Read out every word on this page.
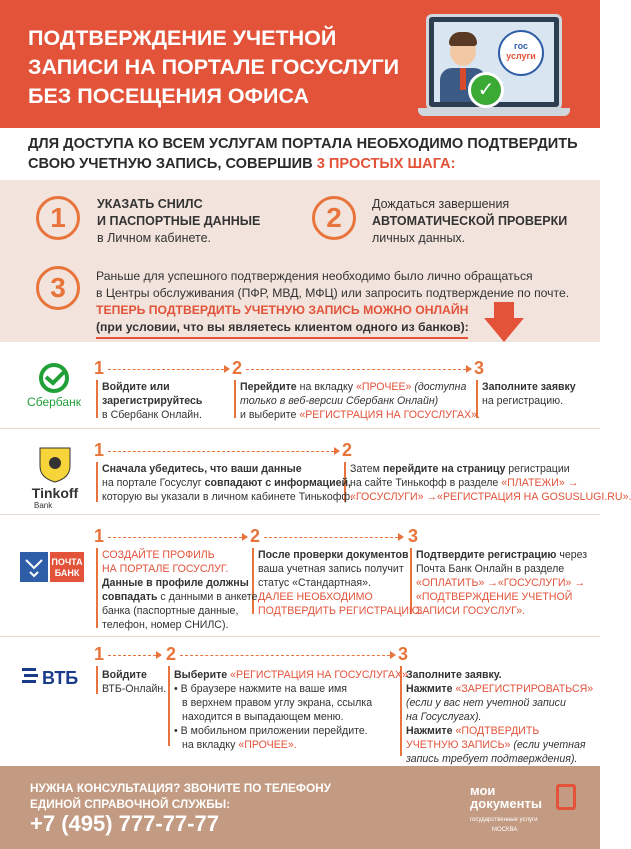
ПОДТВЕРЖДЕНИЕ УЧЕТНОЙ
ЗАПИСИ НА ПОРТАЛЕ ГОСУСЛУГИ
БЕЗ ПОСЕЩЕНИЯ ОФИСА
гос
услуги
✓
ДЛЯ ДОСТУПА КО ВСЕМ УСЛУГАМ ПОРТАЛА НЕОБХОДИМО ПОДТВЕРДИТЬ
СВОЮ УЧЕТНУЮ ЗАПИСЬ, СОВЕРШИВ 3 ПРОСТЫХ ШАГА:
1	УКАЗАТЬ СНИЛС
И ПАСПОРТНЫЕ ДАННЫЕ
в Личном кабинете.
2	Дождаться завершения
АВТОМАТИЧЕСКОЙ ПРОВЕРКИ
личных данных.
3	Раньше для успешного подтверждения необходимо было лично обращаться
в Центры обслуживания (ПФР, МВД, МФЦ) или запросить подтверждение по почте.
ТЕПЕРЬ ПОДТВЕРДИТЬ УЧЕТНУЮ ЗАПИСЬ МОЖНО ОНЛАЙН
(при условии, что вы являетесь клиентом одного из банков):
Сбербанк
1	2	3
Войдите или
зарегистрируйтесь
в Сбербанк Онлайн.
Перейдите на вкладку «ПРОЧЕЕ» (доступна
только в веб-версии Сбербанк Онлайн)
и выберите «РЕГИСТРАЦИЯ НА ГОСУСЛУГАХ».
Заполните заявку
на регистрацию.
Tinkoff
Bank
1	2
Сначала убедитесь, что ваши данные
на портале Госуслуг совпадают с информацией,
которую вы указали в личном кабинете Тинькофф.
Затем перейдите на страницу регистрации
на сайте Тинькофф в разделе «ПЛАТЕЖИ» →
«ГОСУСЛУГИ» →«РЕГИСТРАЦИЯ НА GOSUSLUGI.RU».
ПОЧТА
БАНК
1	2	3
СОЗДАЙТЕ ПРОФИЛЬ
НА ПОРТАЛЕ ГОСУСЛУГ.
Данные в профиле должны
совпадать с данными в анкете
банка (паспортные данные,
телефон, номер СНИЛС).
После проверки документов
ваша учетная запись получит
статус «Стандартная».
ДАЛЕЕ НЕОБХОДИМО
ПОДТВЕРДИТЬ РЕГИСТРАЦИЮ.
Подтвердите регистрацию через
Почта Банк Онлайн в разделе
«ОПЛАТИТЬ» →«ГОСУСЛУГИ» →
«ПОДТВЕРЖДЕНИЕ УЧЕТНОЙ
ЗАПИСИ ГОСУСЛУГ».
ВТБ
1	2	3
Войдите
ВТБ-Онлайн.
Выберите «РЕГИСТРАЦИЯ НА ГОСУСЛУГАХ».
• В браузере нажмите на ваше имя
в верхнем правом углу экрана, ссылка
находится в выпадающем меню.
• В мобильном приложении перейдите.
на вкладку «ПРОЧЕЕ».
Заполните заявку.
Нажмите «ЗАРЕГИСТРИРОВАТЬСЯ»
(если у вас нет учетной записи
на Госуслугах).
Нажмите «ПОДТВЕРДИТЬ
УЧЕТНУЮ ЗАПИСЬ» (если учетная
запись требует подтверждения).
НУЖНА КОНСУЛЬТАЦИЯ? ЗВОНИТЕ ПО ТЕЛЕФОНУ
ЕДИНОЙ СПРАВОЧНОЙ СЛУЖБЫ:
+7 (495) 777-77-77
мои
документы
государственные услуги
МОСКВА
